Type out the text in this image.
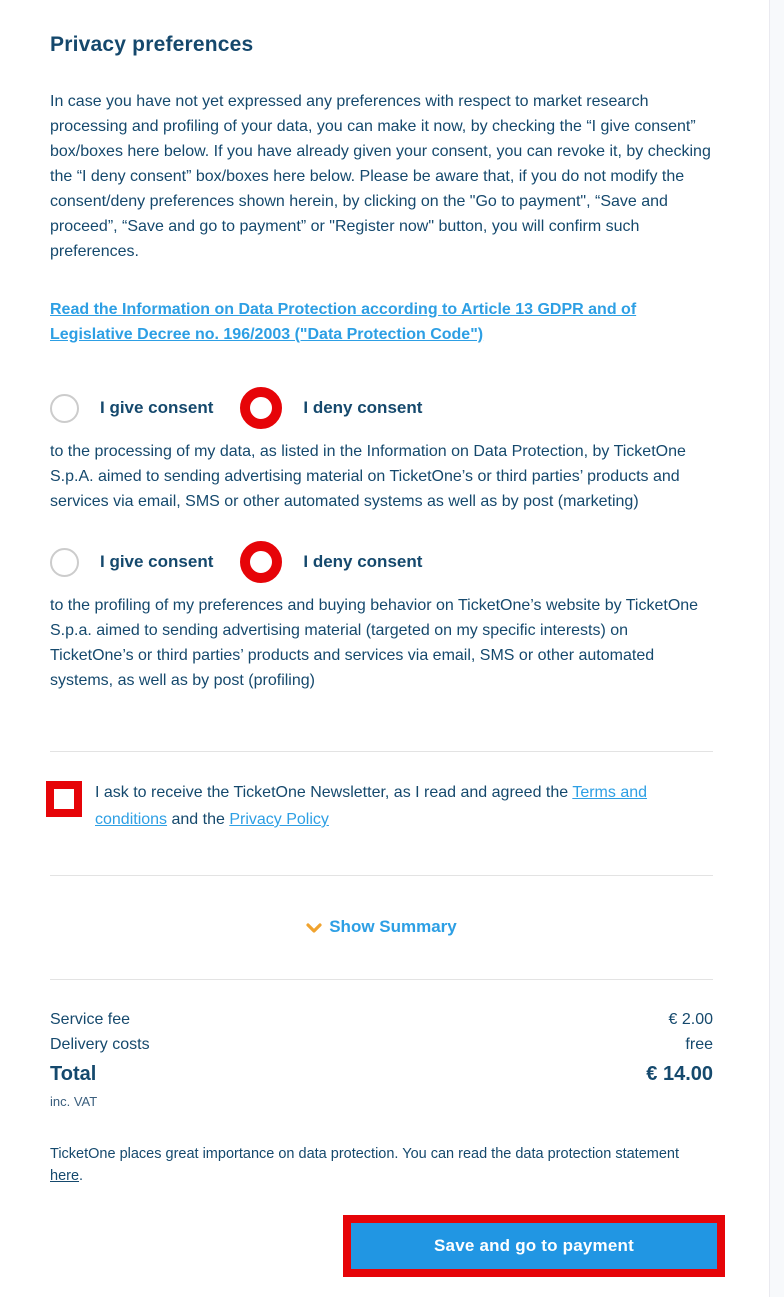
Privacy preferences

In case you have not yet expressed any preferences with respect to market research processing and profiling of your data, you can make it now, by checking the “I give consent” box/boxes here below. If you have already given your consent, you can revoke it, by checking the “I deny consent” box/boxes here below. Please be aware that, if you do not modify the consent/deny preferences shown herein, by clicking on the "Go to payment", “Save and proceed”, “Save and go to payment” or "Register now" button, you will confirm such preferences.

Read the Information on Data Protection according to Article 13 GDPR and of Legislative Decree no. 196/2003 ("Data Protection Code")
I give consent	I deny consent

to the processing of my data, as listed in the Information on Data Protection, by TicketOne S.p.A. aimed to sending advertising material on TicketOne’s or third parties’ products and services via email, SMS or other automated systems as well as by post (marketing)

I give consent	I deny consent

to the profiling of my preferences and buying behavior on TicketOne’s website by TicketOne S.p.a. aimed to sending advertising material (targeted on my specific interests) on TicketOne’s or third parties’ products and services via email, SMS or other automated systems, as well as by post (profiling)

I ask to receive the TicketOne Newsletter, as I read and agreed the Terms and conditions and the Privacy Policy
Show Summary
Service fee	€ 2.00
Delivery costs	free
Total	€ 14.00
inc. VAT

TicketOne places great importance on data protection. You can read the data protection statement here.

Save and go to payment
